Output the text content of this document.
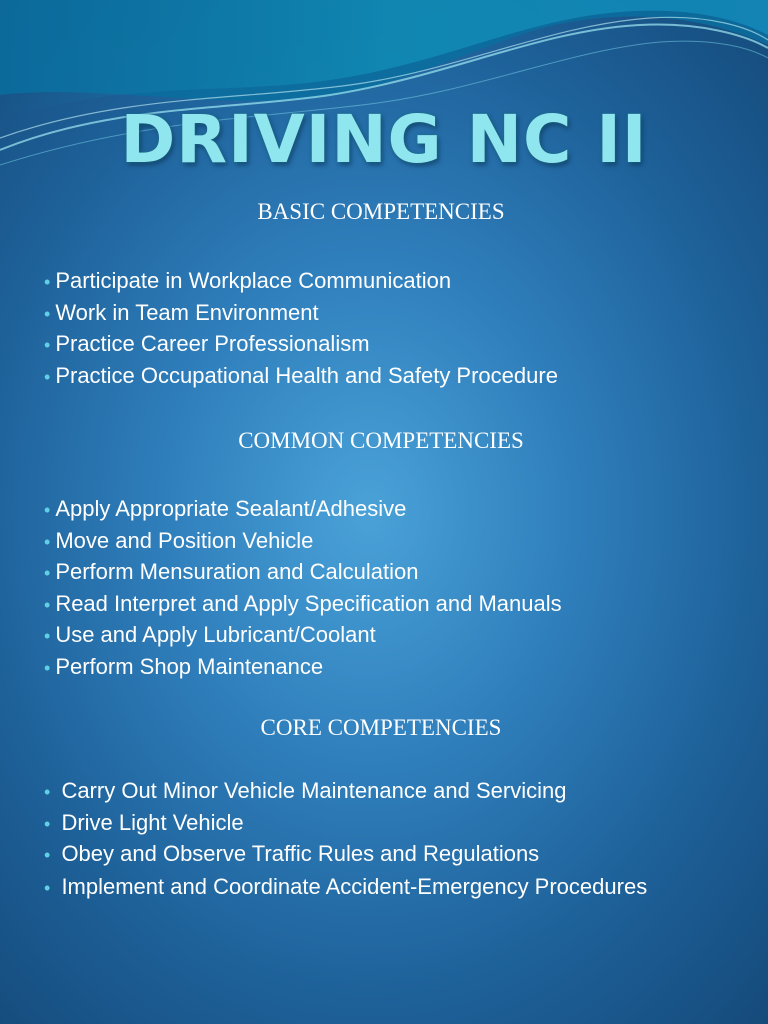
DRIVING NC II
BASIC COMPETENCIES
• Participate in Workplace Communication
• Work in Team Environment
• Practice Career Professionalism
• Practice Occupational Health and Safety Procedure
COMMON COMPETENCIES
• Apply Appropriate Sealant/Adhesive
• Move and Position Vehicle
• Perform Mensuration and Calculation
• Read Interpret and Apply Specification and Manuals
• Use and Apply Lubricant/Coolant
• Perform Shop Maintenance
CORE COMPETENCIES
• Carry Out Minor Vehicle Maintenance and Servicing
• Drive Light Vehicle
• Obey and Observe Traffic Rules and Regulations
• Implement and Coordinate Accident-Emergency Procedures
